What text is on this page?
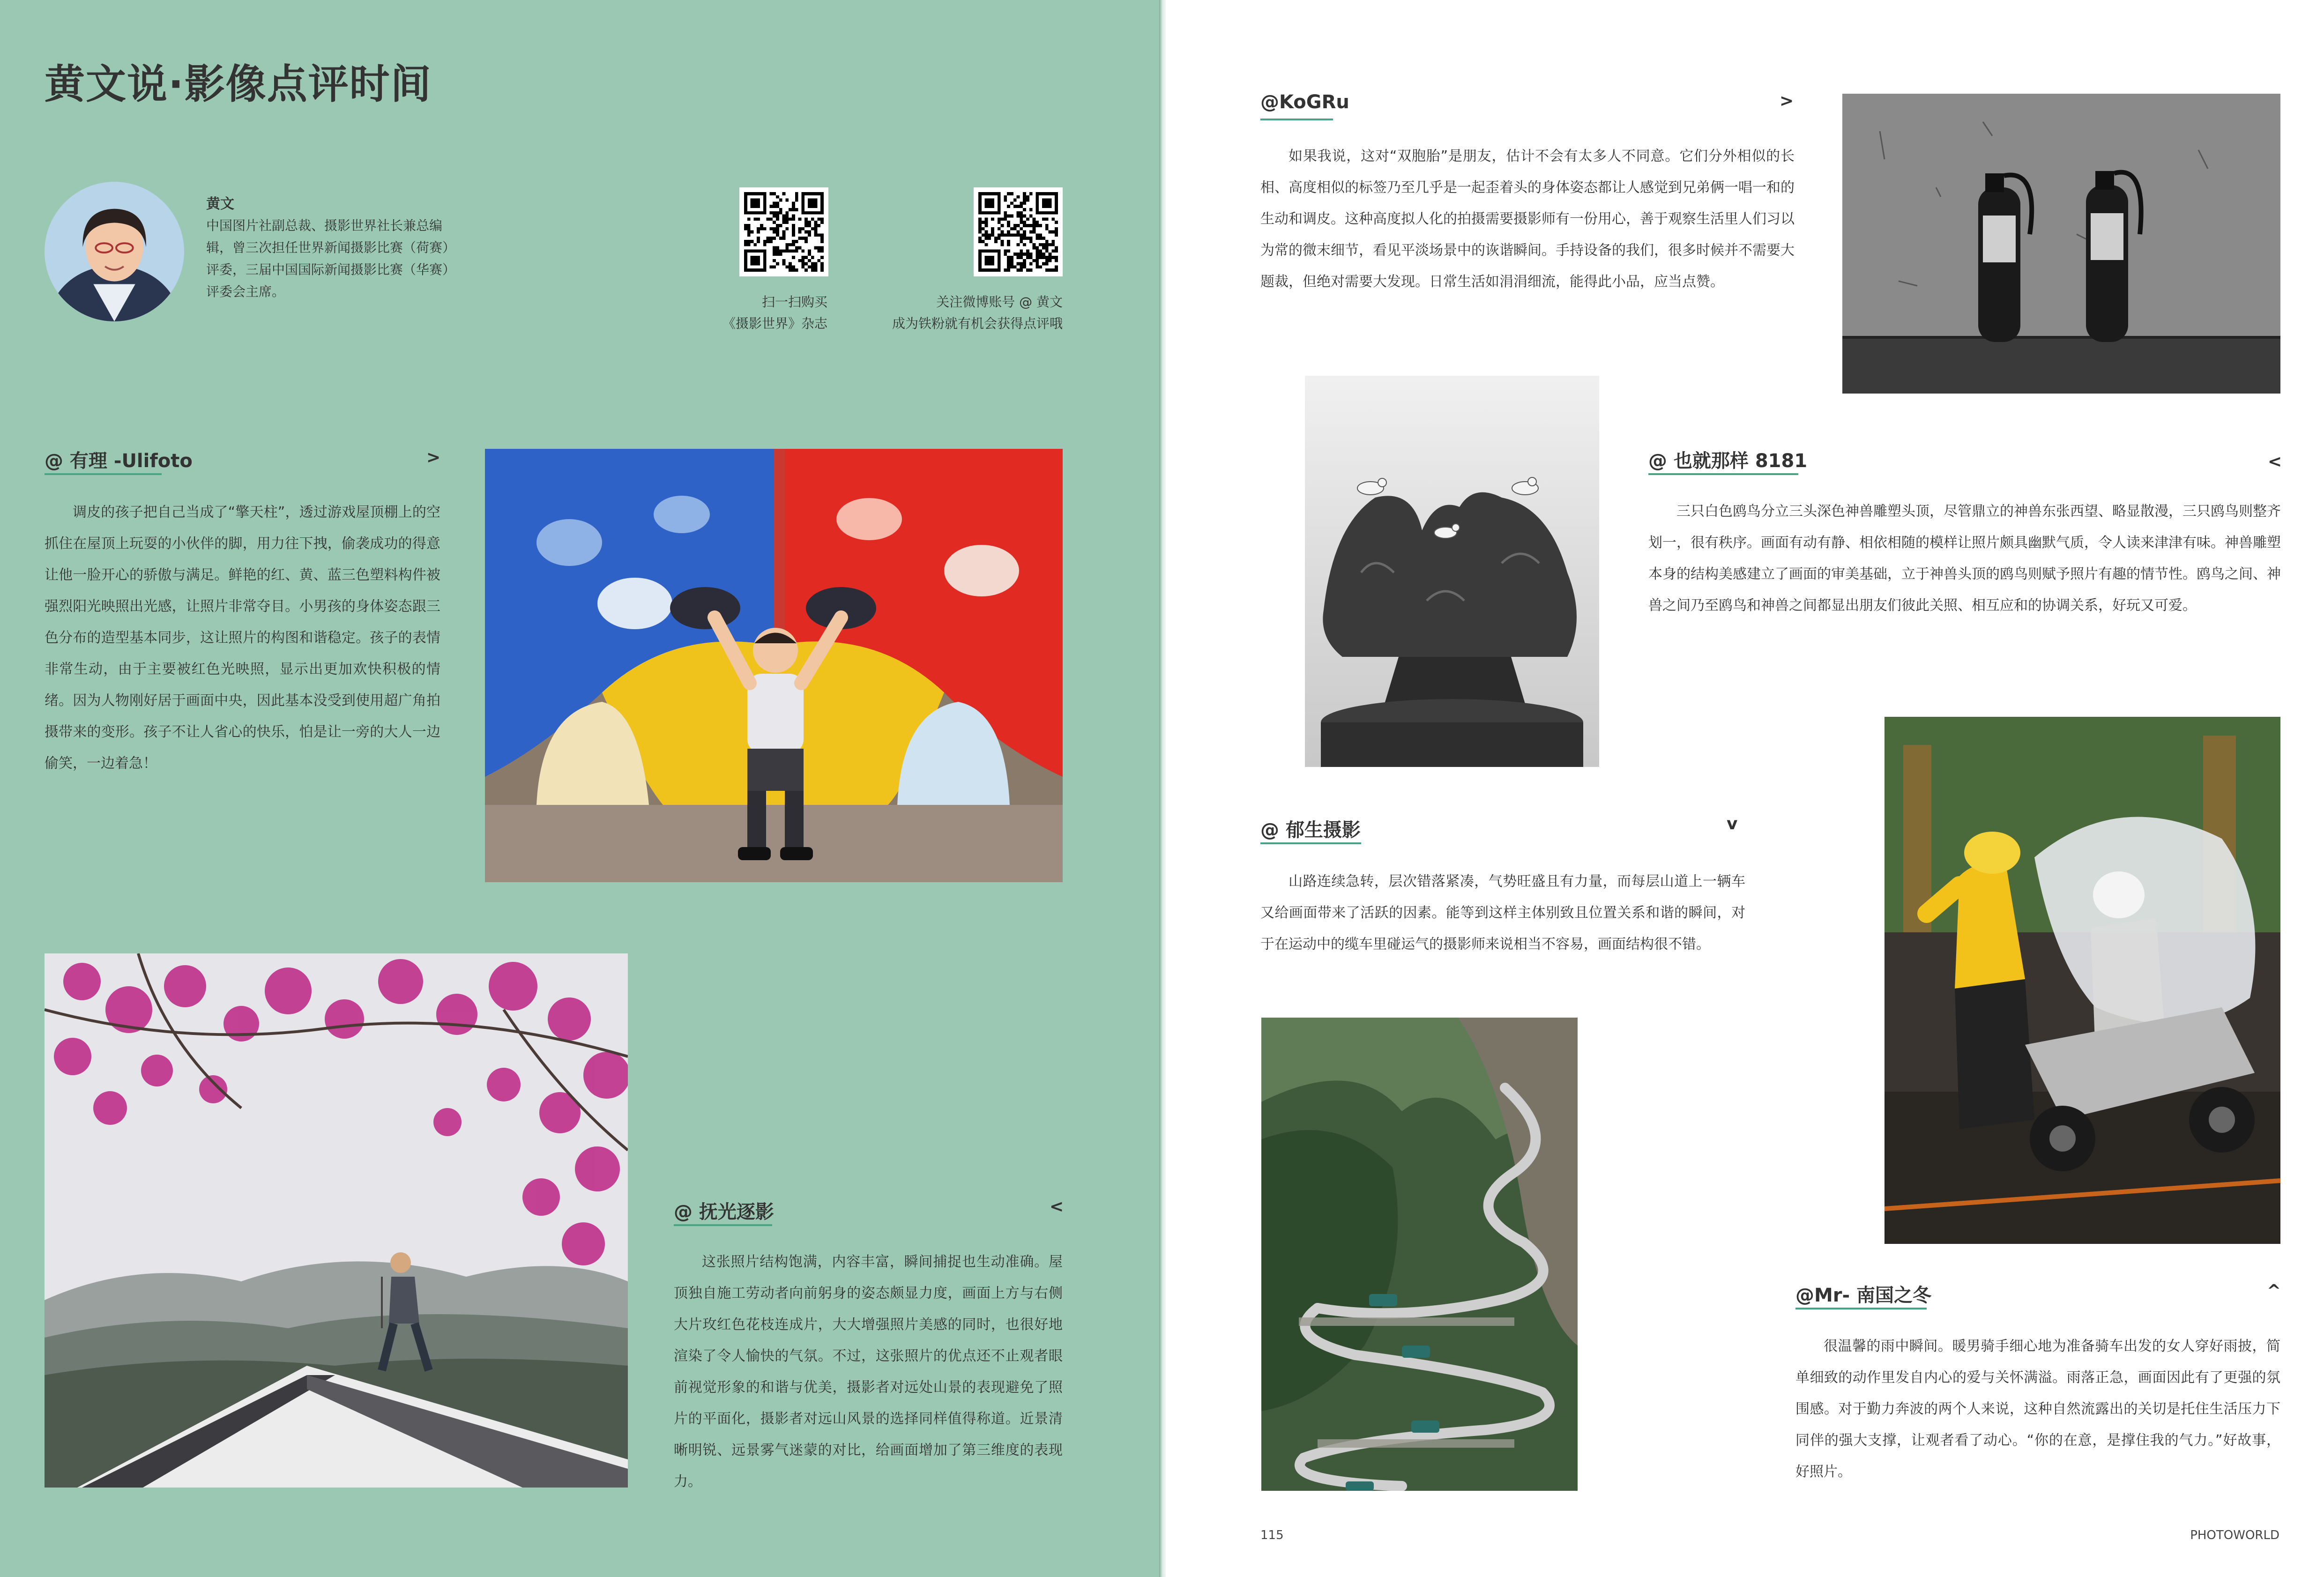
黄文说·影像点评时间
黄文
中国图片社副总裁、摄影世界社长兼总编辑，曾三次担任世界新闻摄影比赛（荷赛）评委，三届中国国际新闻摄影比赛（华赛）评委会主席。
扫一扫购买
《摄影世界》杂志
关注微博账号 @ 黄文
成为铁粉就有机会获得点评哦
@ 有理 -Ulifoto	>
调皮的孩子把自己当成了“擎天柱”，透过游戏屋顶棚上的空抓住在屋顶上玩耍的小伙伴的脚，用力往下拽，偷袭成功的得意让他一脸开心的骄傲与满足。鲜艳的红、黄、蓝三色塑料构件被强烈阳光映照出光感，让照片非常夺目。小男孩的身体姿态跟三色分布的造型基本同步，这让照片的构图和谐稳定。孩子的表情非常生动，由于主要被红色光映照，显示出更加欢快积极的情绪。因为人物刚好居于画面中央，因此基本没受到使用超广角拍摄带来的变形。孩子不让人省心的快乐，怕是让一旁的大人一边偷笑，一边着急！
@ 抚光逐影	<
这张照片结构饱满，内容丰富，瞬间捕捉也生动准确。屋顶独自施工劳动者向前躬身的姿态颇显力度，画面上方与右侧大片玫红色花枝连成片，大大增强照片美感的同时，也很好地渲染了令人愉快的气氛。不过，这张照片的优点还不止观者眼前视觉形象的和谐与优美，摄影者对远处山景的表现避免了照片的平面化，摄影者对远山风景的选择同样值得称道。近景清晰明锐、远景雾气迷蒙的对比，给画面增加了第三维度的表现力。
@KoGRu	>
如果我说，这对“双胞胎”是朋友，估计不会有太多人不同意。它们分外相似的长相、高度相似的标签乃至几乎是一起歪着头的身体姿态都让人感觉到兄弟俩一唱一和的生动和调皮。这种高度拟人化的拍摄需要摄影师有一份用心，善于观察生活里人们习以为常的微末细节，看见平淡场景中的诙谐瞬间。手持设备的我们，很多时候并不需要大题裁，但绝对需要大发现。日常生活如涓涓细流，能得此小品，应当点赞。
@ 也就那样 8181	<
三只白色鸥鸟分立三头深色神兽雕塑头顶，尽管鼎立的神兽东张西望、略显散漫，三只鸥鸟则整齐划一，很有秩序。画面有动有静、相依相随的模样让照片颇具幽默气质，令人读来津津有味。神兽雕塑本身的结构美感建立了画面的审美基础，立于神兽头顶的鸥鸟则赋予照片有趣的情节性。鸥鸟之间、神兽之间乃至鸥鸟和神兽之间都显出朋友们彼此关照、相互应和的协调关系，好玩又可爱。
@ 郁生摄影	v
山路连续急转，层次错落紧凑，气势旺盛且有力量，而每层山道上一辆车又给画面带来了活跃的因素。能等到这样主体别致且位置关系和谐的瞬间，对于在运动中的缆车里碰运气的摄影师来说相当不容易，画面结构很不错。
@Mr- 南国之冬	^
很温馨的雨中瞬间。暖男骑手细心地为准备骑车出发的女人穿好雨披，简单细致的动作里发自内心的爱与关怀满溢。雨落正急，画面因此有了更强的氛围感。对于勤力奔波的两个人来说，这种自然流露出的关切是托住生活压力下同伴的强大支撑，让观者看了动心。“你的在意，是撑住我的气力。”好故事，好照片。
115	PHOTOWORLD
